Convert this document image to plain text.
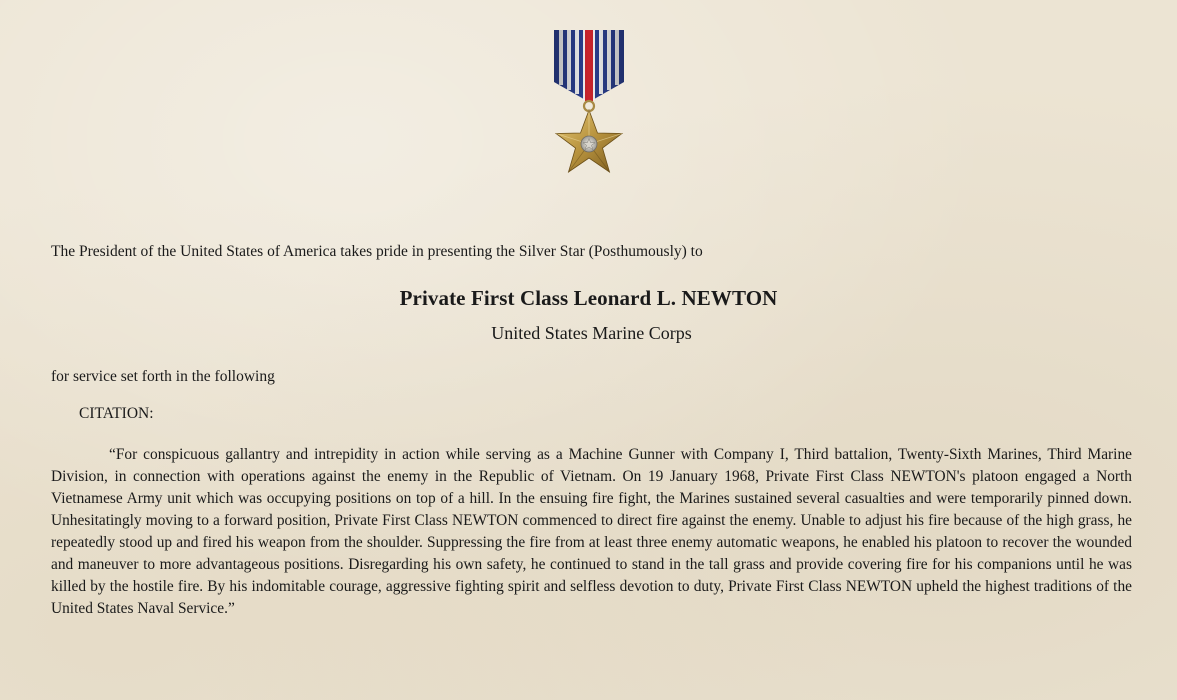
The President of the United States of America takes pride in presenting the Silver Star (Posthumously) to
Private First Class Leonard L. NEWTON
United States Marine Corps
for service set forth in the following
CITATION:

“For conspicuous gallantry and intrepidity in action while serving as a Machine Gunner with Company I, Third battalion, Twenty-Sixth Marines, Third Marine Division, in connection with operations against the enemy in the Republic of Vietnam. On 19 January 1968, Private First Class NEWTON's platoon engaged a North Vietnamese Army unit which was occupying positions on top of a hill. In the ensuing fire fight, the Marines sustained several casualties and were temporarily pinned down. Unhesitatingly moving to a forward position, Private First Class NEWTON commenced to direct fire against the enemy. Unable to adjust his fire because of the high grass, he repeatedly stood up and fired his weapon from the shoulder. Suppressing the fire from at least three enemy automatic weapons, he enabled his platoon to recover the wounded and maneuver to more advantageous positions. Disregarding his own safety, he continued to stand in the tall grass and provide covering fire for his companions until he was killed by the hostile fire. By his indomitable courage, aggressive fighting spirit and selfless devotion to duty, Private First Class NEWTON upheld the highest traditions of the United States Naval Service.”
